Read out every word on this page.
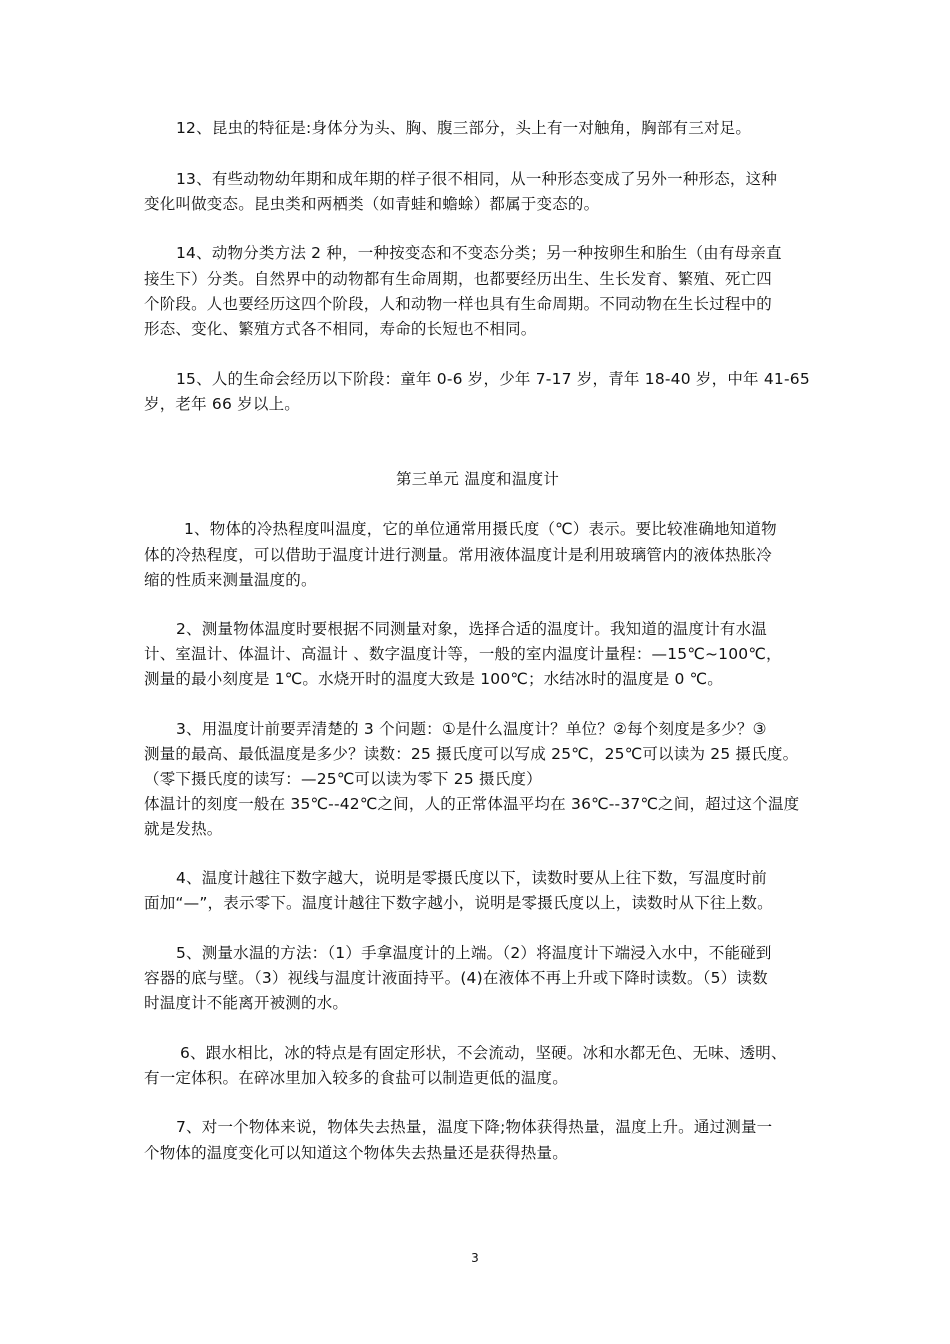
12、昆虫的特征是:身体分为头、胸、腹三部分，头上有一对触角，胸部有三对足。
13、有些动物幼年期和成年期的样子很不相同，从一种形态变成了另外一种形态，这种
变化叫做变态。昆虫类和两栖类（如青蛙和蟾蜍）都属于变态的。
14、动物分类方法 2 种，一种按变态和不变态分类；另一种按卵生和胎生（由有母亲直
接生下）分类。自然界中的动物都有生命周期，也都要经历出生、生长发育、繁殖、死亡四
个阶段。人也要经历这四个阶段，人和动物一样也具有生命周期。不同动物在生长过程中的
形态、变化、繁殖方式各不相同，寿命的长短也不相同。
15、人的生命会经历以下阶段：童年 0-6 岁，少年 7-17 岁，青年 18-40 岁，中年 41-65
岁，老年 66 岁以上。
第三单元 温度和温度计
1、物体的冷热程度叫温度，它的单位通常用摄氏度（℃）表示。要比较准确地知道物
体的冷热程度，可以借助于温度计进行测量。常用液体温度计是利用玻璃管内的液体热胀冷
缩的性质来测量温度的。
2、测量物体温度时要根据不同测量对象，选择合适的温度计。我知道的温度计有水温
计、室温计、体温计、高温计 、数字温度计等，一般的室内温度计量程：—15℃~100℃，
测量的最小刻度是 1℃。水烧开时的温度大致是 100℃；水结冰时的温度是 0 ℃。
3、用温度计前要弄清楚的 3 个问题：①是什么温度计？单位？②每个刻度是多少？③
测量的最高、最低温度是多少？读数：25 摄氏度可以写成 25℃，25℃可以读为 25 摄氏度。
（零下摄氏度的读写：—25℃可以读为零下 25 摄氏度）
体温计的刻度一般在 35℃--42℃之间，人的正常体温平均在 36℃--37℃之间，超过这个温度
就是发热。
4、温度计越往下数字越大，说明是零摄氏度以下，读数时要从上往下数，写温度时前
面加“—”，表示零下。温度计越往下数字越小，说明是零摄氏度以上，读数时从下往上数。
5、测量水温的方法：（1）手拿温度计的上端。（2）将温度计下端浸入水中，不能碰到
容器的底与壁。（3）视线与温度计液面持平。(4)在液体不再上升或下降时读数。（5）读数
时温度计不能离开被测的水。
6、跟水相比，冰的特点是有固定形状，不会流动，坚硬。冰和水都无色、无味、透明、
有一定体积。在碎冰里加入较多的食盐可以制造更低的温度。
7、对一个物体来说，物体失去热量，温度下降;物体获得热量，温度上升。通过测量一
个物体的温度变化可以知道这个物体失去热量还是获得热量。
3
